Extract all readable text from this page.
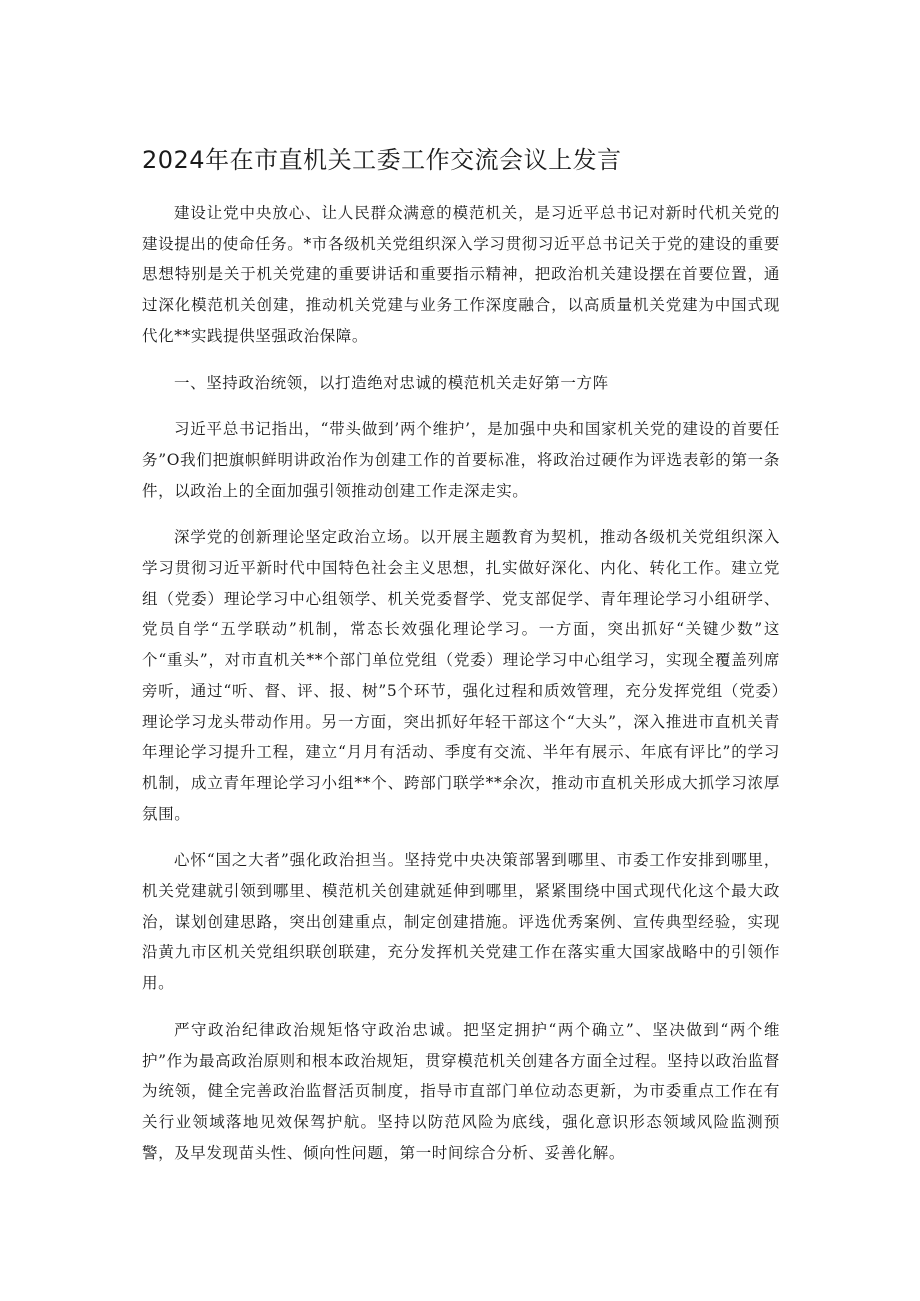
2024年在市直机关工委工作交流会议上发言

建设让党中央放心、让人民群众满意的模范机关，是习近平总书记对新时代机关党的建设提出的使命任务。*市各级机关党组织深入学习贯彻习近平总书记关于党的建设的重要思想特别是关于机关党建的重要讲话和重要指示精神，把政治机关建设摆在首要位置，通过深化模范机关创建，推动机关党建与业务工作深度融合，以高质量机关党建为中国式现代化**实践提供坚强政治保障。

一、坚持政治统领，以打造绝对忠诚的模范机关走好第一方阵

习近平总书记指出，“带头做到’两个维护’，是加强中央和国家机关党的建设的首要任务”O我们把旗帜鲜明讲政治作为创建工作的首要标准，将政治过硬作为评选表彰的第一条件，以政治上的全面加强引领推动创建工作走深走实。

深学党的创新理论坚定政治立场。以开展主题教育为契机，推动各级机关党组织深入学习贯彻习近平新时代中国特色社会主义思想，扎实做好深化、内化、转化工作。建立党组（党委）理论学习中心组领学、机关党委督学、党支部促学、青年理论学习小组研学、党员自学“五学联动”机制，常态长效强化理论学习。一方面，突出抓好“关键少数”这个“重头”，对市直机关**个部门单位党组（党委）理论学习中心组学习，实现全覆盖列席旁听，通过“听、督、评、报、树”5个环节，强化过程和质效管理，充分发挥党组（党委）理论学习龙头带动作用。另一方面，突出抓好年轻干部这个“大头”，深入推进市直机关青年理论学习提升工程，建立“月月有活动、季度有交流、半年有展示、年底有评比”的学习机制，成立青年理论学习小组**个、跨部门联学**余次，推动市直机关形成大抓学习浓厚氛围。

心怀“国之大者”强化政治担当。坚持党中央决策部署到哪里、市委工作安排到哪里，机关党建就引领到哪里、模范机关创建就延伸到哪里，紧紧围绕中国式现代化这个最大政治，谋划创建思路，突出创建重点，制定创建措施。评选优秀案例、宣传典型经验，实现沿黄九市区机关党组织联创联建，充分发挥机关党建工作在落实重大国家战略中的引领作用。

严守政治纪律政治规矩恪守政治忠诚。把坚定拥护“两个确立”、坚决做到“两个维护”作为最高政治原则和根本政治规矩，贯穿模范机关创建各方面全过程。坚持以政治监督为统领，健全完善政治监督活页制度，指导市直部门单位动态更新，为市委重点工作在有关行业领域落地见效保驾护航。坚持以防范风险为底线，强化意识形态领域风险监测预警，及早发现苗头性、倾向性问题，第一时间综合分析、妥善化解。
